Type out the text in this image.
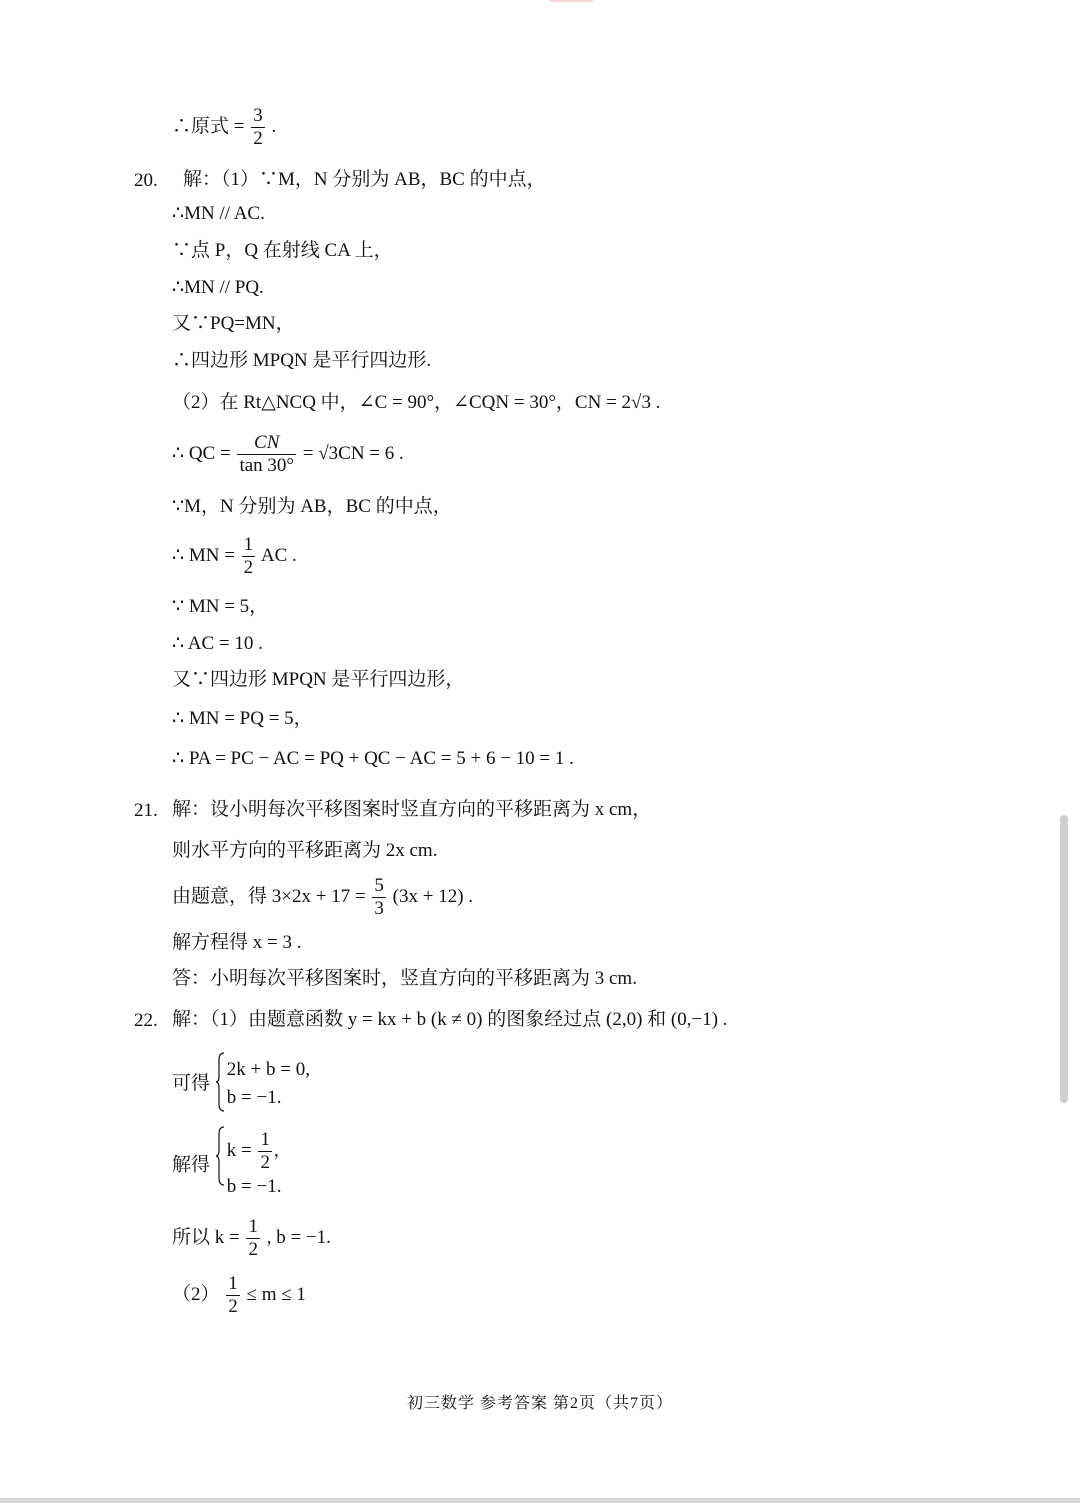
∴原式 = $\frac{3}{2}$ .
20. 解：（1）∵M，N 分别为 AB，BC 的中点，
∴MN // AC.
∵点 P，Q 在射线 CA 上，
∴MN // PQ.
又∵PQ=MN，
∴四边形 MPQN 是平行四边形.
（2）在 Rt△NCQ 中，∠C = 90°，∠CQN = 30°，CN = 2√3 .
∴ QC = $\frac{CN}{\tan 30^\circ} = √3CN = 6$ .
∵M，N 分别为 AB，BC 的中点，
∴ MN = $\frac{1}{2}$ AC .
∵ MN = 5，
∴ AC = 10 .
又∵四边形 MPQN 是平行四边形，
∴ MN = PQ = 5，
∴ PA = PC − AC = PQ + QC − AC = 5 + 6 − 10 = 1 .
21. 解：设小明每次平移图案时竖直方向的平移距离为 x cm，
则水平方向的平移距离为 2x cm.
由题意，得 $3\times 2x + 17 = \frac{5}{3} (3x + 12)$ .
解方程得 x = 3 .
答：小明每次平移图案时，竖直方向的平移距离为 3 cm.
22. 解：（1）由题意函数 y = kx + b (k ≠ 0) 的图象经过点 (2,0) 和 (0,−1) .
可得
2k + b = 0,
b = −1.
解得
$k = \frac{1}{2}$ ,
b = −1.
所以 $k = \frac{1}{2}$ , b = −1.
$(2) \frac{1}{2} \le m \le 1$
初三数学 参考答案 第2页（共7页）
